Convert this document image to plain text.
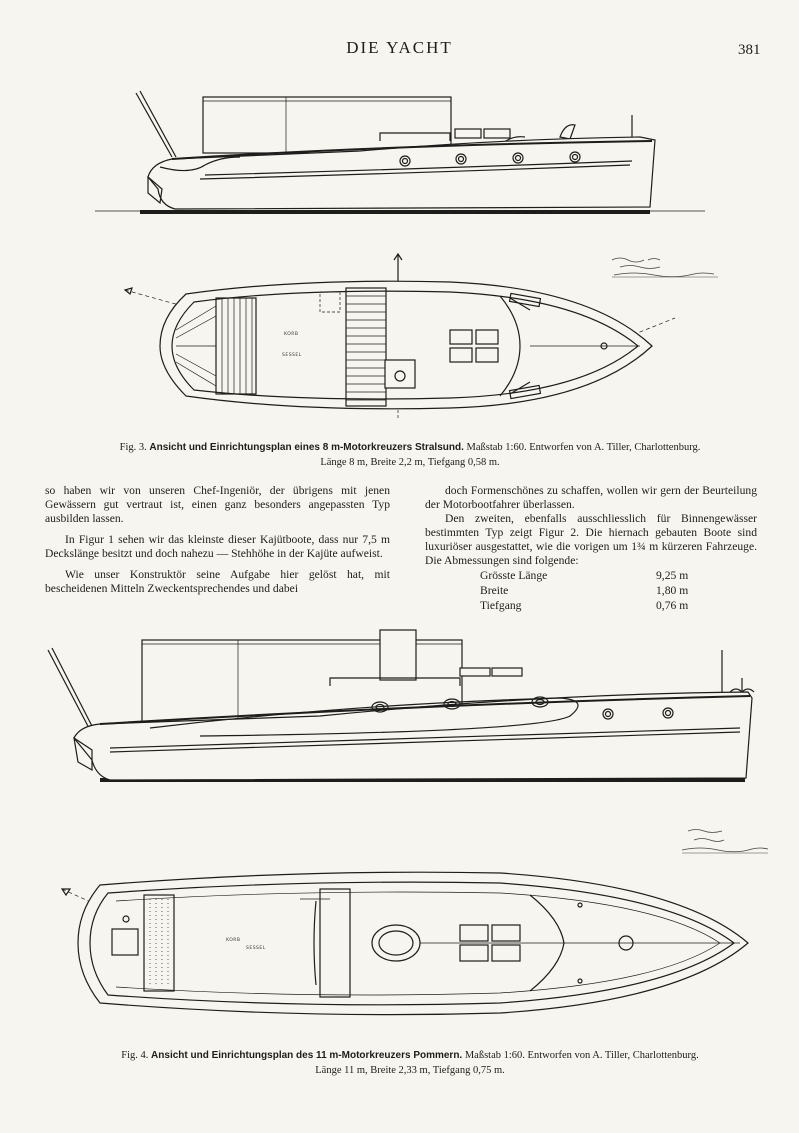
DIE YACHT	381
KORB
SESSEL
Fig. 3. Ansicht und Einrichtungsplan eines 8 m-Motorkreuzers Stralsund. Maßstab 1:60. Entworfen von A. Tiller, Charlottenburg.
Länge 8 m, Breite 2,2 m, Tiefgang 0,58 m.

so haben wir von unseren Chef-Ingeniör, der übrigens mit jenen Gewässern gut vertraut ist, einen ganz besonders angepassten Typ ausbilden lassen.

In Figur 1 sehen wir das kleinste dieser Kajütboote, dass nur 7,5 m Deckslänge besitzt und doch nahezu — Stehhöhe in der Kajüte aufweist.

Wie unser Konstruktör seine Aufgabe hier gelöst hat, mit bescheidenen Mitteln Zweckentsprechendes und dabei

doch Formenschönes zu schaffen, wollen wir gern der Beurteilung der Motorbootfahrer überlassen.

Den zweiten, ebenfalls ausschliesslich für Binnengewässer bestimmten Typ zeigt Figur 2. Die hiernach gebauten Boote sind luxuriöser ausgestattet, wie die vorigen um 1¾ m kürzeren Fahrzeuge. Die Abmessungen sind folgende:

Grösste Länge	9,25 m
Breite	1,80 m
Tiefgang	0,76 m
KORB
SESSEL
Fig. 4. Ansicht und Einrichtungsplan des 11 m-Motorkreuzers Pommern. Maßstab 1:60. Entworfen von A. Tiller, Charlottenburg.
Länge 11 m, Breite 2,33 m, Tiefgang 0,75 m.
